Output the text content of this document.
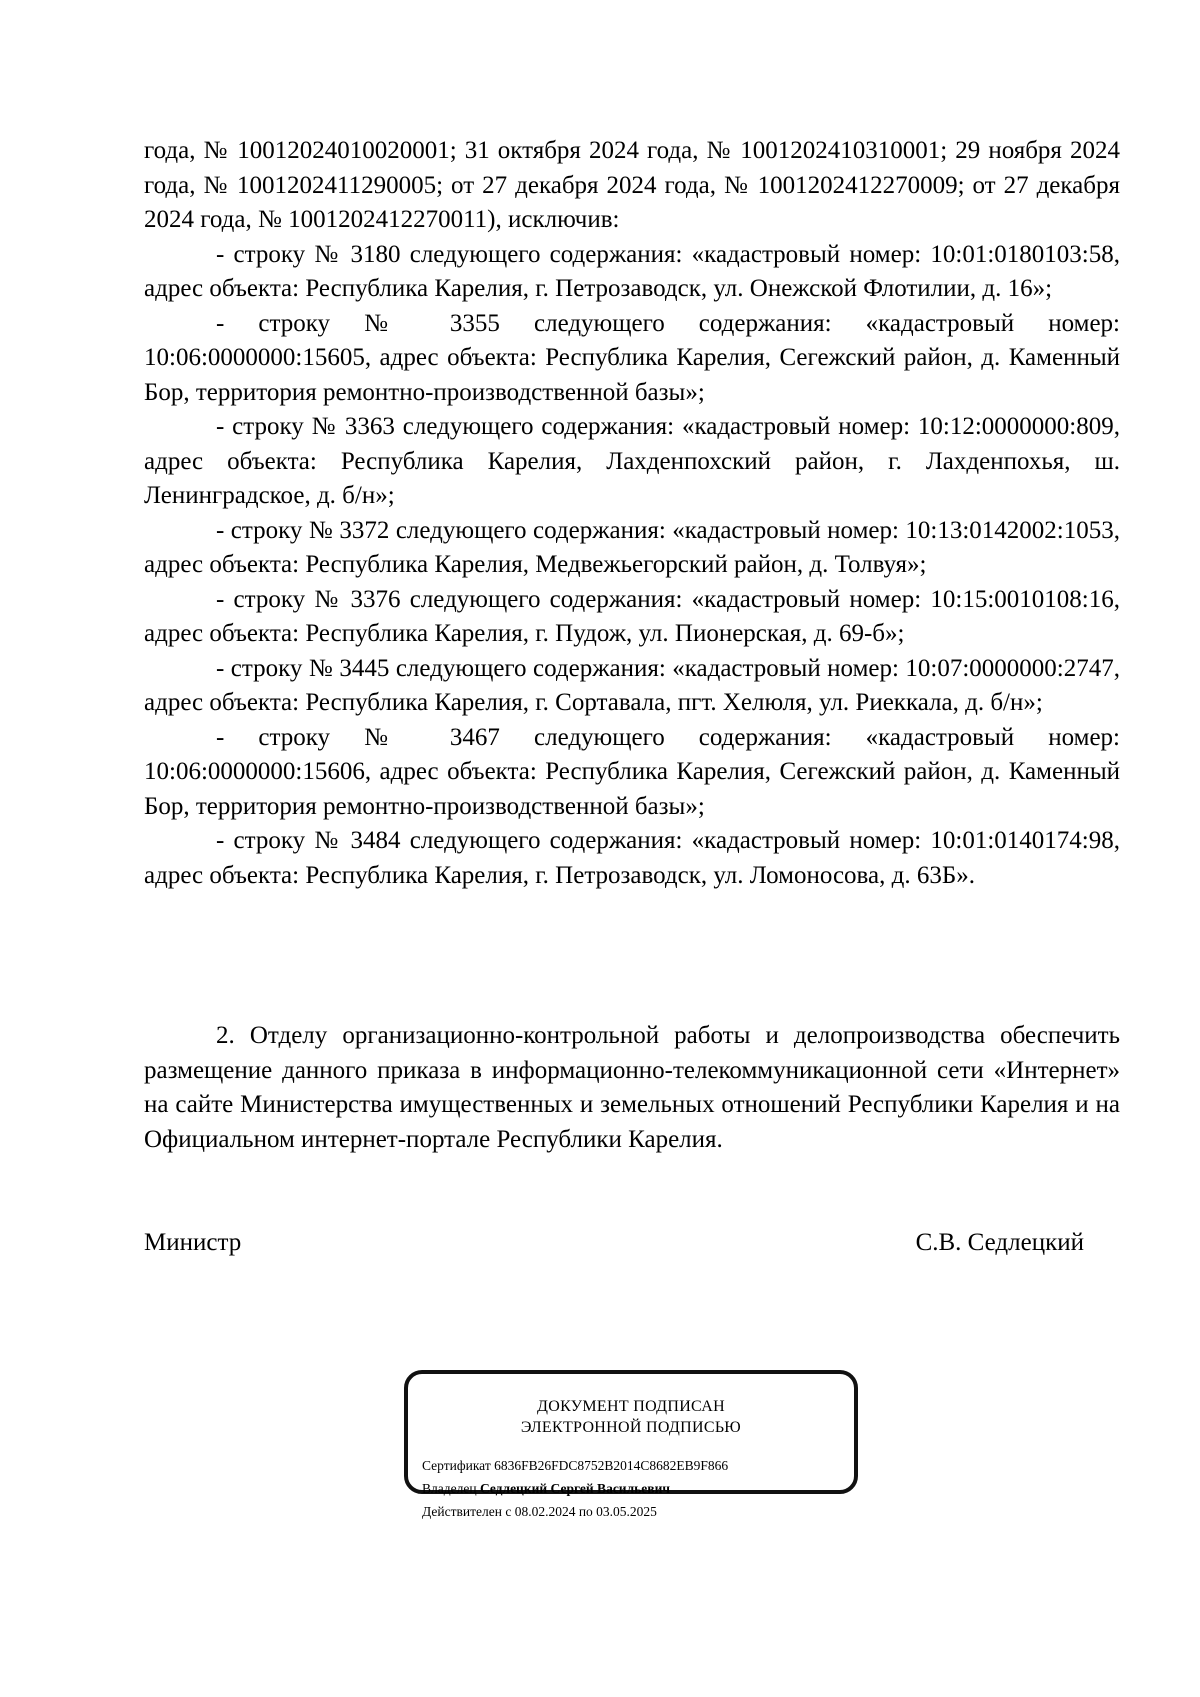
года, № 10012024010020001; 31 октября 2024 года, № 1001202410310001; 29 ноября 2024 года, № 1001202411290005; от 27 декабря 2024 года, № 1001202412270009; от 27 декабря 2024 года, № 1001202412270011), исключив:

- строку № 3180 следующего содержания: «кадастровый номер: 10:01:0180103:58, адрес объекта: Республика Карелия, г. Петрозаводск, ул. Онежской Флотилии, д. 16»;

- строку № 3355 следующего содержания: «кадастровый номер: 10:06:0000000:15605, адрес объекта: Республика Карелия, Сегежский район, д. Каменный Бор, территория ремонтно-производственной базы»;

- строку № 3363 следующего содержания: «кадастровый номер: 10:12:0000000:809, адрес объекта: Республика Карелия, Лахденпохский район, г. Лахденпохья, ш. Ленинградское, д. б/н»;

- строку № 3372 следующего содержания: «кадастровый номер: 10:13:0142002:1053, адрес объекта: Республика Карелия, Медвежьегорский район, д. Толвуя»;

- строку № 3376 следующего содержания: «кадастровый номер: 10:15:0010108:16, адрес объекта: Республика Карелия, г. Пудож, ул. Пионерская, д. 69-б»;

- строку № 3445 следующего содержания: «кадастровый номер: 10:07:0000000:2747, адрес объекта: Республика Карелия, г. Сортавала, пгт. Хелюля, ул. Риеккала, д. б/н»;

- строку № 3467 следующего содержания: «кадастровый номер: 10:06:0000000:15606, адрес объекта: Республика Карелия, Сегежский район, д. Каменный Бор, территория ремонтно-производственной базы»;

- строку № 3484 следующего содержания: «кадастровый номер: 10:01:0140174:98, адрес объекта: Республика Карелия, г. Петрозаводск, ул. Ломоносова, д. 63Б».

2. Отделу организационно-контрольной работы и делопроизводства обеспечить размещение данного приказа в информационно-телекоммуникационной сети «Интернет» на сайте Министерства имущественных и земельных отношений Республики Карелия и на Официальном интернет-портале Республики Карелия.

Министр	С.В. Седлецкий
ДОКУМЕНТ ПОДПИСАН
ЭЛЕКТРОННОЙ ПОДПИСЬЮ
Сертификат 6836FB26FDC8752B2014C8682EB9F866
Владелец Седлецкий Сергей Васильевич
Действителен с 08.02.2024 по 03.05.2025
